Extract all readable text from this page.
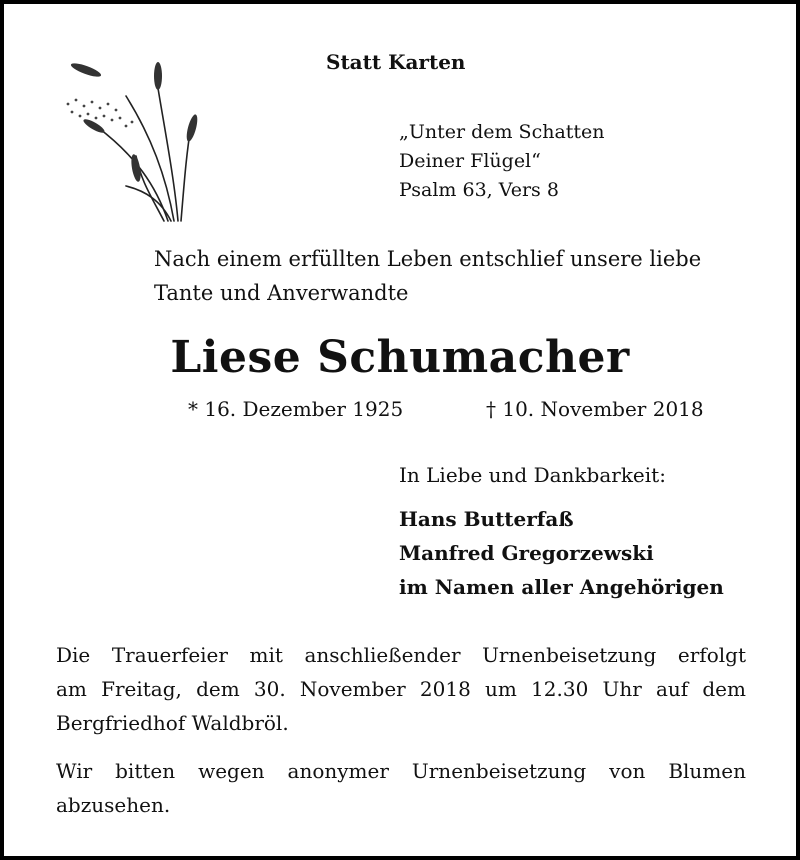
Statt Karten
„Unter dem Schatten
Deiner Flügel“
Psalm 63, Vers 8
Nach einem erfüllten Leben entschlief unsere liebe
Tante und Anverwandte
Liese Schumacher
* 16. Dezember 1925	† 10. November 2018
In Liebe und Dankbarkeit:
Hans Butterfaß
Manfred Gregorzewski
im Namen aller Angehörigen
Die Trauerfeier mit anschließender Urnenbeisetzung erfolgt
am Freitag, dem 30. November 2018 um 12.30 Uhr auf dem
Bergfriedhof Waldbröl.
Wir bitten wegen anonymer Urnenbeisetzung von Blumen
abzusehen.
